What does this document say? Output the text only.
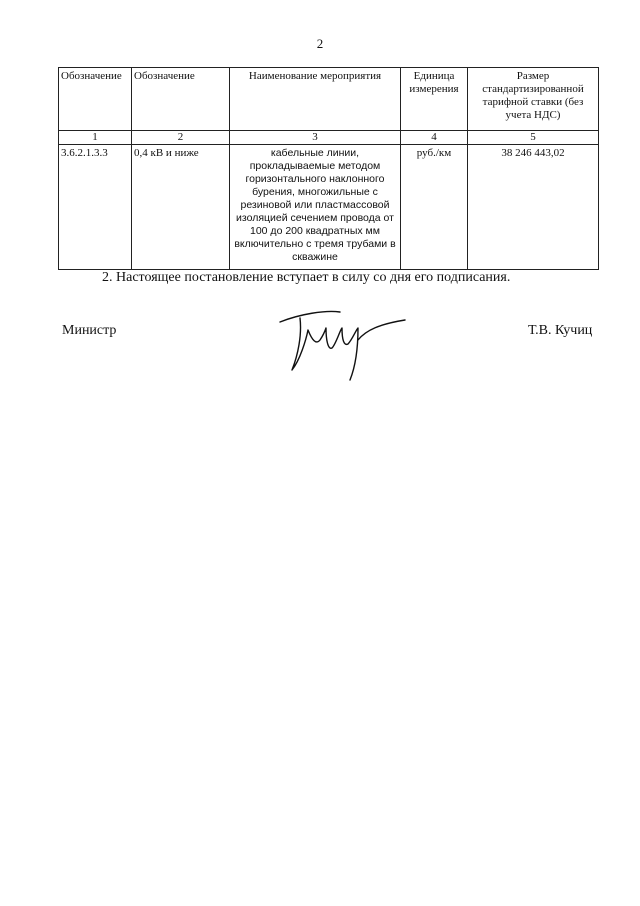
2
Обозначение	Обозначение	Наименование мероприятия	Единица измерения	Размер стандартизированной тарифной ставки (без учета НДС)
1	2	3	4	5
3.6.2.1.3.3	0,4 кВ и ниже	кабельные линии, прокладываемые методом горизонтального наклонного бурения, многожильные с резиновой или пластмассовой изоляцией сечением провода от 100 до 200 квадратных мм включительно с тремя трубами в скважине	руб./км	38 246 443,02
2. Настоящее постановление вступает в силу со дня его подписания.
Министр	Т.В. Кучиц
